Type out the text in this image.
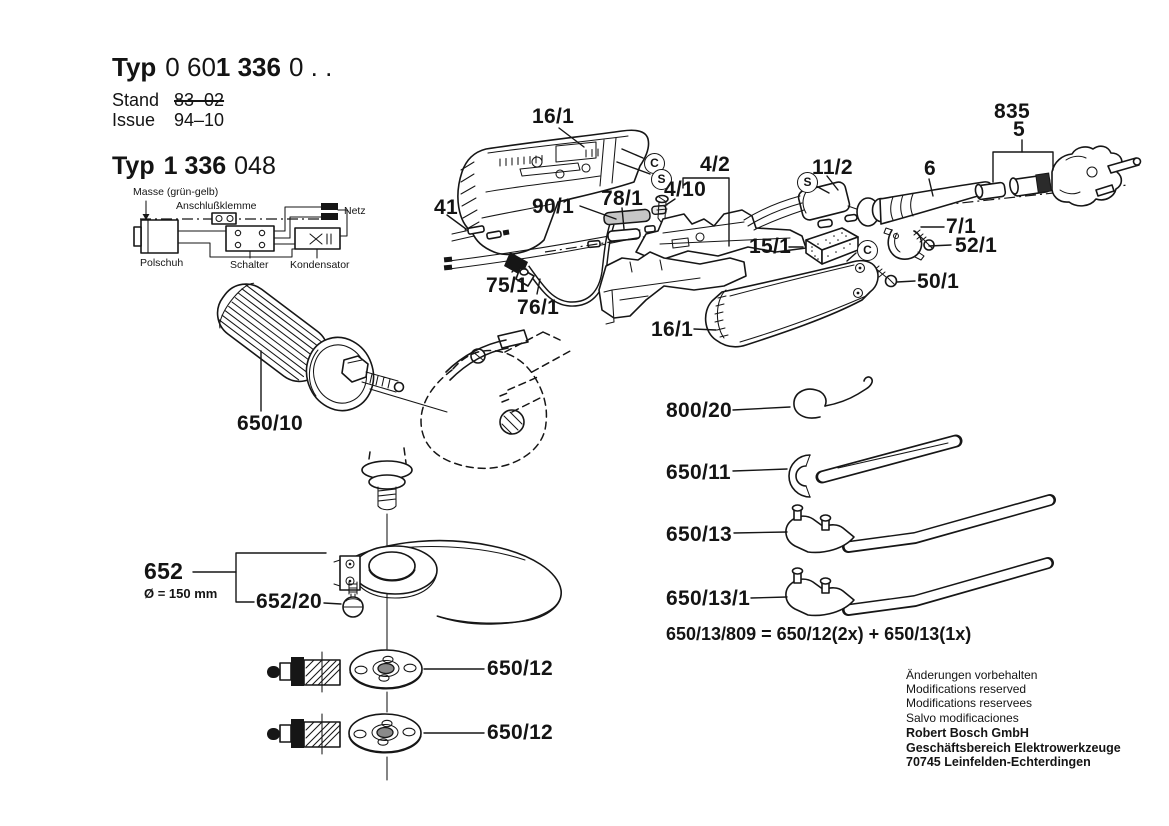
Typ 0 601 336 0 . .
Stand 83–02
Issue 94–10
Typ 1 336 048
Masse (grün-gelb)
Anschlußklemme	Netz
Polschuh	Schalter Kondensator
C
S	S
C
16/1
41	90/1 78/1 4/10
4/2	11/2	6
835
5
7/1
52/1
50/1
15/1
16/1
75/1
76/1
650/10
652
Ø = 150 mm 652/20
650/12
650/12
800/20
650/11
650/13
650/13/1
650/13/809 = 650/12(2x) + 650/13(1x)
Änderungen vorbehalten
Modifications reserved
Modifications reservees
Salvo modificaciones
Robert Bosch GmbH
Geschäftsbereich Elektrowerkzeuge
70745 Leinfelden-Echterdingen
